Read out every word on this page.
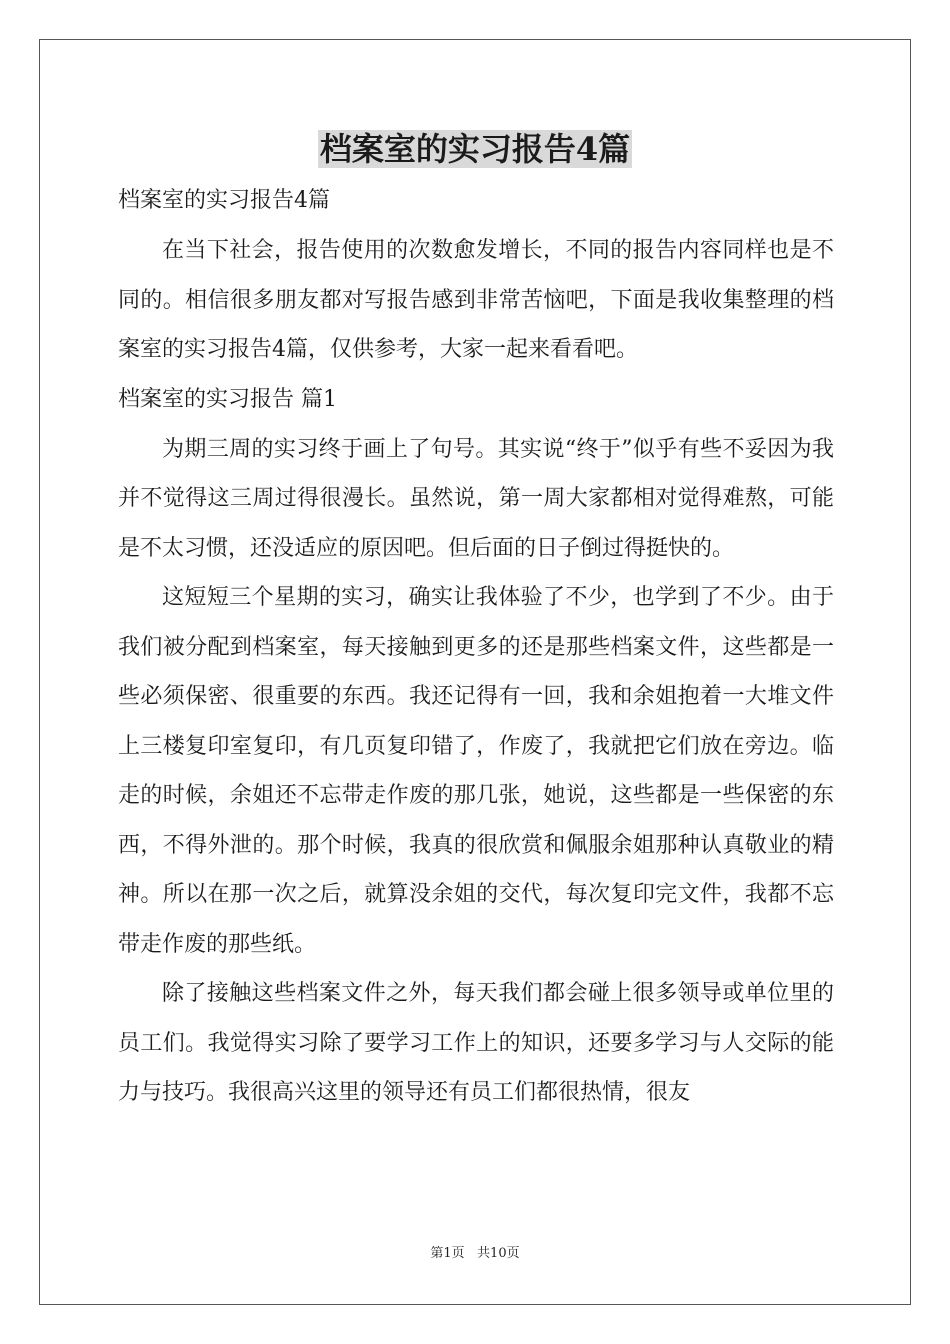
档案室的实习报告4篇
档案室的实习报告4篇

在当下社会，报告使用的次数愈发增长，不同的报告内容同样也是不同的。相信很多朋友都对写报告感到非常苦恼吧，下面是我收集整理的档案室的实习报告4篇，仅供参考，大家一起来看看吧。

档案室的实习报告 篇1

为期三周的实习终于画上了句号。其实说“终于”似乎有些不妥因为我并不觉得这三周过得很漫长。虽然说，第一周大家都相对觉得难熬，可能是不太习惯，还没适应的原因吧。但后面的日子倒过得挺快的。

这短短三个星期的实习，确实让我体验了不少，也学到了不少。由于我们被分配到档案室，每天接触到更多的还是那些档案文件，这些都是一些必须保密、很重要的东西。我还记得有一回，我和余姐抱着一大堆文件上三楼复印室复印，有几页复印错了，作废了，我就把它们放在旁边。临走的时候，余姐还不忘带走作废的那几张，她说，这些都是一些保密的东西，不得外泄的。那个时候，我真的很欣赏和佩服余姐那种认真敬业的精神。所以在那一次之后，就算没余姐的交代，每次复印完文件，我都不忘带走作废的那些纸。

除了接触这些档案文件之外，每天我们都会碰上很多领导或单位里的员工们。我觉得实习除了要学习工作上的知识，还要多学习与人交际的能力与技巧。我很高兴这里的领导还有员工们都很热情，很友

第1页   共10页
